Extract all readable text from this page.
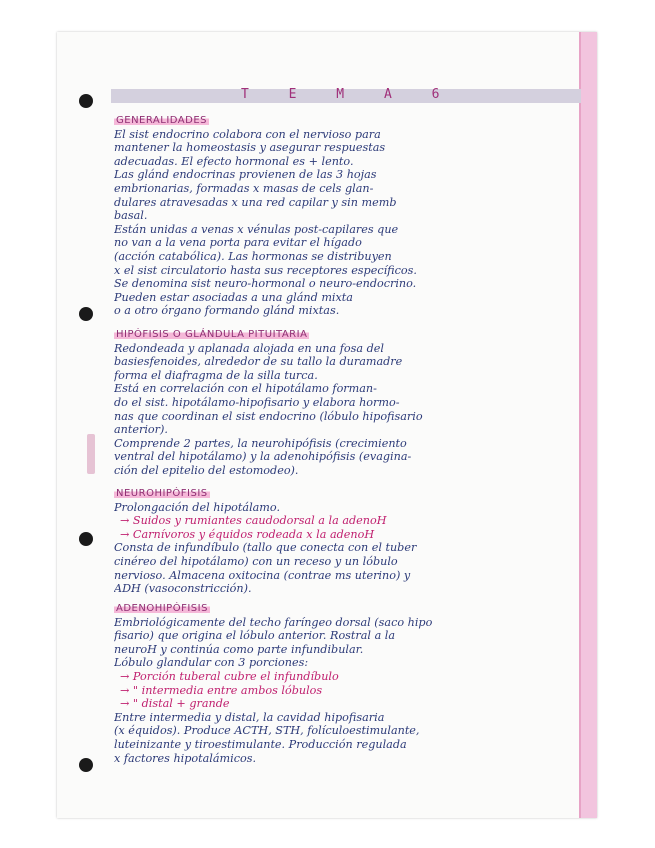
T E M A 6
GENERALIDADES
El sist endocrino colabora con el nervioso para
mantener la homeostasis y asegurar respuestas
adecuadas. El efecto hormonal es + lento.
Las glánd endocrinas provienen de las 3 hojas
embrionarias, formadas x masas de cels glan-
dulares atravesadas x una red capilar y sin memb
basal.
Están unidas a venas x vénulas post-capilares que
no van a la vena porta para evitar el hígado
(acción catabólica). Las hormonas se distribuyen
x el sist circulatorio hasta sus receptores específicos.
Se denomina sist neuro-hormonal o neuro-endocrino.
Pueden estar asociadas a una glánd mixta
o a otro órgano formando glánd mixtas.
HIPÓFISIS O GLÁNDULA PITUITARIA
Redondeada y aplanada alojada en una fosa del
basiesfenoides, alrededor de su tallo la duramadre
forma el diafragma de la silla turca.
Está en correlación con el hipotálamo forman-
do el sist. hipotálamo-hipofisario y elabora hormo-
nas que coordinan el sist endocrino (lóbulo hipofisario
anterior).
Comprende 2 partes, la neurohipófisis (crecimiento
ventral del hipotálamo) y la adenohipófisis (evagina-
ción del epitelio del estomodeo).
NEUROHIPÓFISIS
Prolongación del hipotálamo.
→ Suidos y rumiantes caudodorsal a la adenoH
→ Carnívoros y équidos rodeada x la adenoH
Consta de infundíbulo (tallo que conecta con el tuber
cinéreo del hipotálamo) con un receso y un lóbulo
nervioso. Almacena oxitocina (contrae ms uterino) y
ADH (vasoconstricción).
ADENOHIPÓFISIS
Embriológicamente del techo faríngeo dorsal (saco hipo
fisario) que origina el lóbulo anterior. Rostral a la
neuroH y continúa como parte infundibular.
Lóbulo glandular con 3 porciones:
→ Porción tuberal cubre el infundíbulo
→ " intermedia entre ambos lóbulos
→ " distal + grande
Entre intermedia y distal, la cavidad hipofisaria
(x équidos). Produce ACTH, STH, folículoestimulante,
luteinizante y tiroestimulante. Producción regulada
x factores hipotalámicos.
